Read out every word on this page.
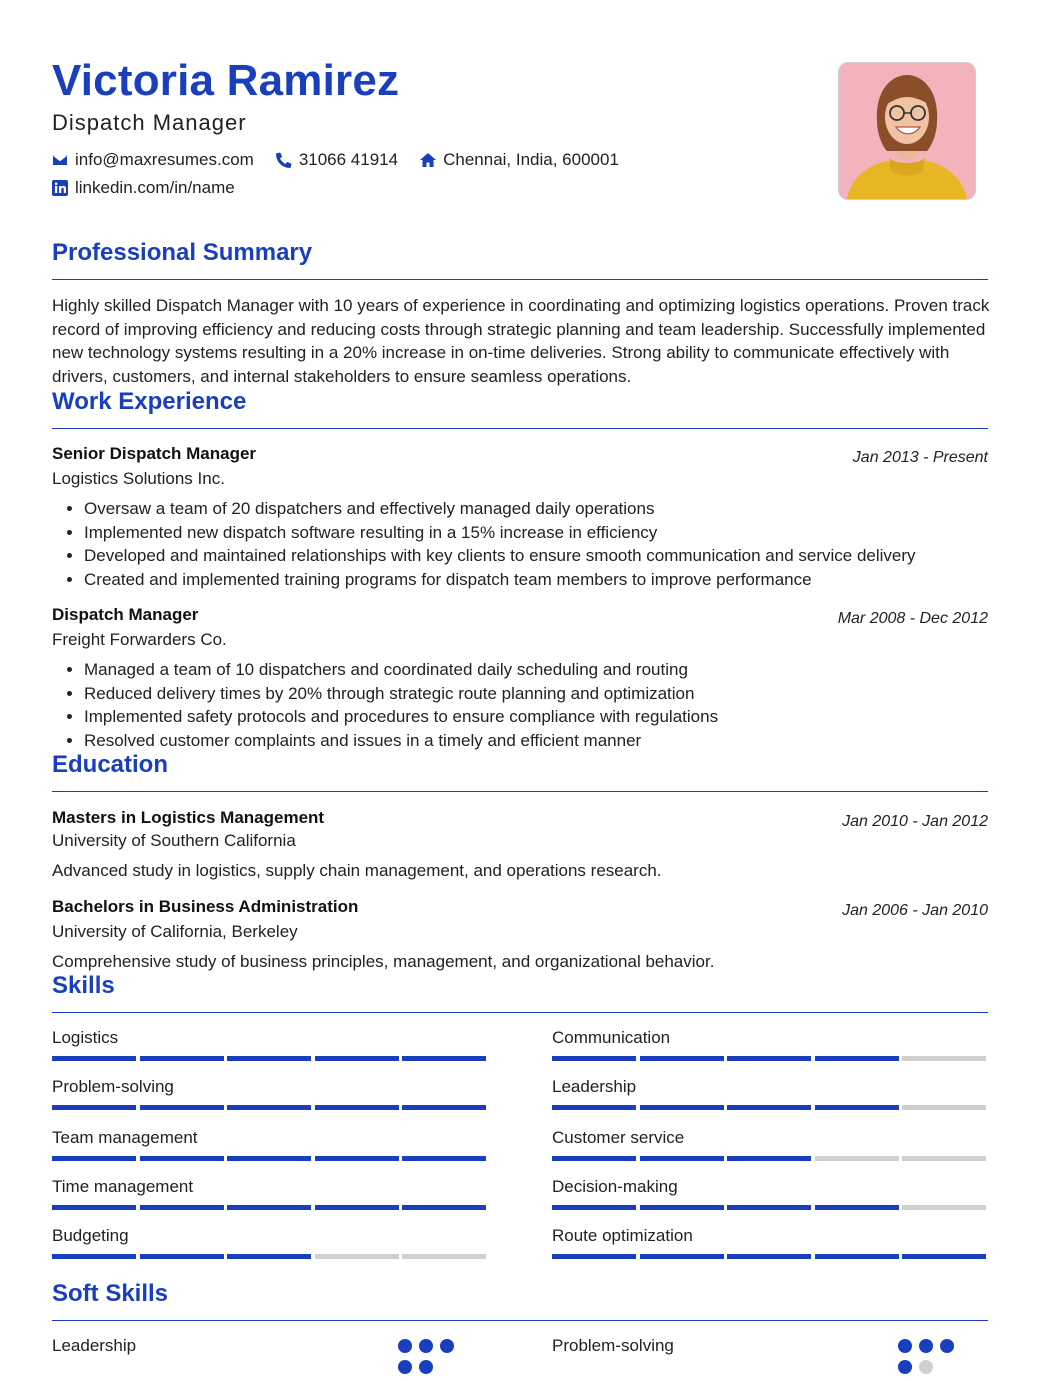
Victoria Ramirez
Dispatch Manager
info@maxresumes.com	31066 41914	Chennai, India, 600001
linkedin.com/in/name
Professional Summary
Highly skilled Dispatch Manager with 10 years of experience in coordinating and optimizing logistics operations. Proven track record of improving efficiency and reducing costs through strategic planning and team leadership. Successfully implemented new technology systems resulting in a 20% increase in on-time deliveries. Strong ability to communicate effectively with drivers, customers, and internal stakeholders to ensure seamless operations.
Work Experience
Senior Dispatch Manager	Jan 2013 - Present
Logistics Solutions Inc.
• Oversaw a team of 20 dispatchers and effectively managed daily operations
• Implemented new dispatch software resulting in a 15% increase in efficiency
• Developed and maintained relationships with key clients to ensure smooth communication and service delivery
• Created and implemented training programs for dispatch team members to improve performance
Dispatch Manager	Mar 2008 - Dec 2012
Freight Forwarders Co.
• Managed a team of 10 dispatchers and coordinated daily scheduling and routing
• Reduced delivery times by 20% through strategic route planning and optimization
• Implemented safety protocols and procedures to ensure compliance with regulations
• Resolved customer complaints and issues in a timely and efficient manner
Education
Masters in Logistics Management	Jan 2010 - Jan 2012
University of Southern California
Advanced study in logistics, supply chain management, and operations research.
Bachelors in Business Administration	Jan 2006 - Jan 2010
University of California, Berkeley
Comprehensive study of business principles, management, and organizational behavior.
Skills
Logistics	Communication
Problem-solving	Leadership
Team management	Customer service
Time management	Decision-making
Budgeting	Route optimization
Soft Skills
Leadership	Problem-solving
